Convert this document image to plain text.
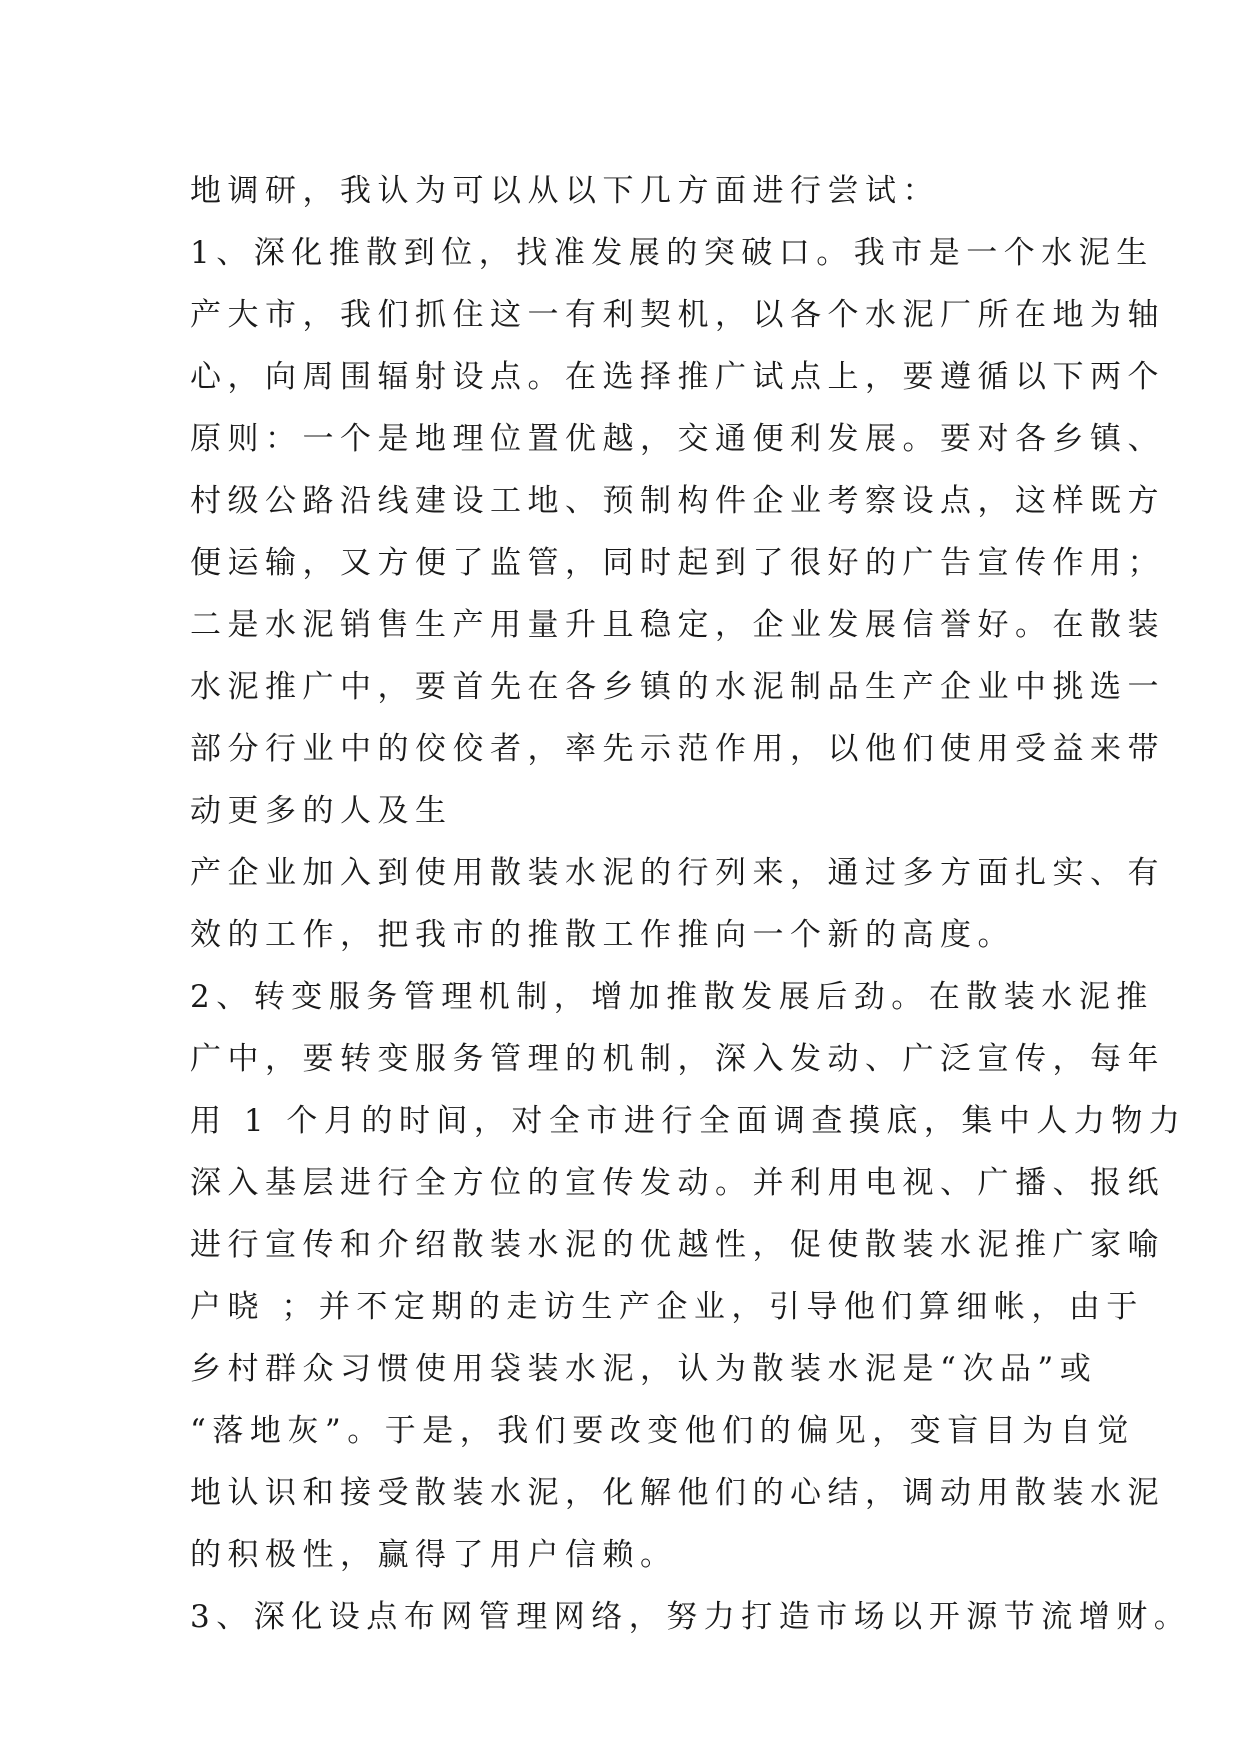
地调研，我认为可以从以下几方面进行尝试：
1、深化推散到位，找准发展的突破口。我市是一个水泥生
产大市，我们抓住这一有利契机，以各个水泥厂所在地为轴
心，向周围辐射设点。在选择推广试点上，要遵循以下两个
原则：一个是地理位置优越，交通便利发展。要对各乡镇、
村级公路沿线建设工地、预制构件企业考察设点，这样既方
便运输，又方便了监管，同时起到了很好的广告宣传作用；
二是水泥销售生产用量升且稳定，企业发展信誉好。在散装
水泥推广中，要首先在各乡镇的水泥制品生产企业中挑选一
部分行业中的佼佼者，率先示范作用，以他们使用受益来带
动更多的人及生
产企业加入到使用散装水泥的行列来，通过多方面扎实、有
效的工作，把我市的推散工作推向一个新的高度。
2、转变服务管理机制，增加推散发展后劲。在散装水泥推
广中，要转变服务管理的机制，深入发动、广泛宣传，每年
用 1 个月的时间，对全市进行全面调查摸底，集中人力物力
深入基层进行全方位的宣传发动。并利用电视、广播、报纸
进行宣传和介绍散装水泥的优越性，促使散装水泥推广家喻
户晓 ；并不定期的走访生产企业，引导他们算细帐，由于
乡村群众习惯使用袋装水泥，认为散装水泥是“次品”或
“落地灰”。于是，我们要改变他们的偏见，变盲目为自觉
地认识和接受散装水泥，化解他们的心结，调动用散装水泥
的积极性，赢得了用户信赖。
3、深化设点布网管理网络，努力打造市场以开源节流增财。
